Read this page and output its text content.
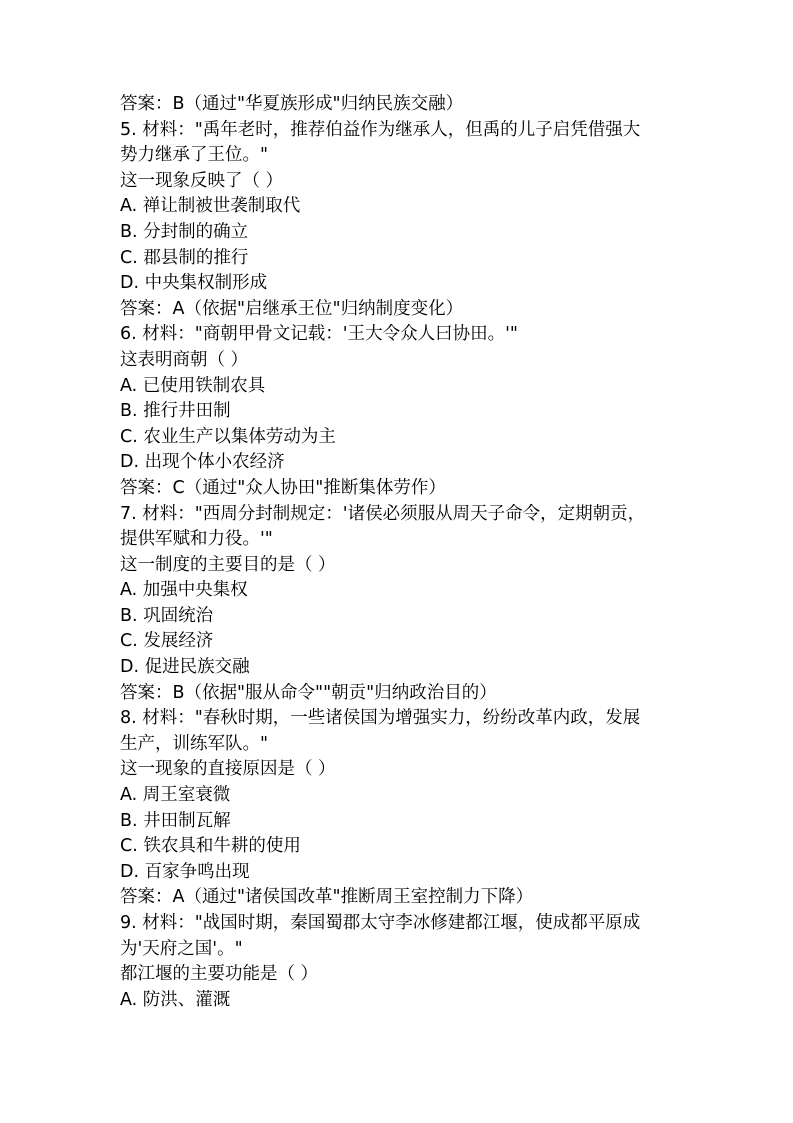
答案：B（通过"华夏族形成"归纳民族交融）
5. 材料："禹年老时，推荐伯益作为继承人，但禹的儿子启凭借强大
势力继承了王位。"
这一现象反映了（ ）
A. 禅让制被世袭制取代
B. 分封制的确立
C. 郡县制的推行
D. 中央集权制形成
答案：A（依据"启继承王位"归纳制度变化）
6. 材料："商朝甲骨文记载：'王大令众人曰协田。'"
这表明商朝（ ）
A. 已使用铁制农具
B. 推行井田制
C. 农业生产以集体劳动为主
D. 出现个体小农经济
答案：C（通过"众人协田"推断集体劳作）
7. 材料："西周分封制规定：'诸侯必须服从周天子命令，定期朝贡，
提供军赋和力役。'"
这一制度的主要目的是（ ）
A. 加强中央集权
B. 巩固统治
C. 发展经济
D. 促进民族交融
答案：B（依据"服从命令""朝贡"归纳政治目的）
8. 材料："春秋时期，一些诸侯国为增强实力，纷纷改革内政，发展
生产，训练军队。"
这一现象的直接原因是（ ）
A. 周王室衰微
B. 井田制瓦解
C. 铁农具和牛耕的使用
D. 百家争鸣出现
答案：A（通过"诸侯国改革"推断周王室控制力下降）
9. 材料："战国时期，秦国蜀郡太守李冰修建都江堰，使成都平原成
为'天府之国'。"
都江堰的主要功能是（ ）
A. 防洪、灌溉
